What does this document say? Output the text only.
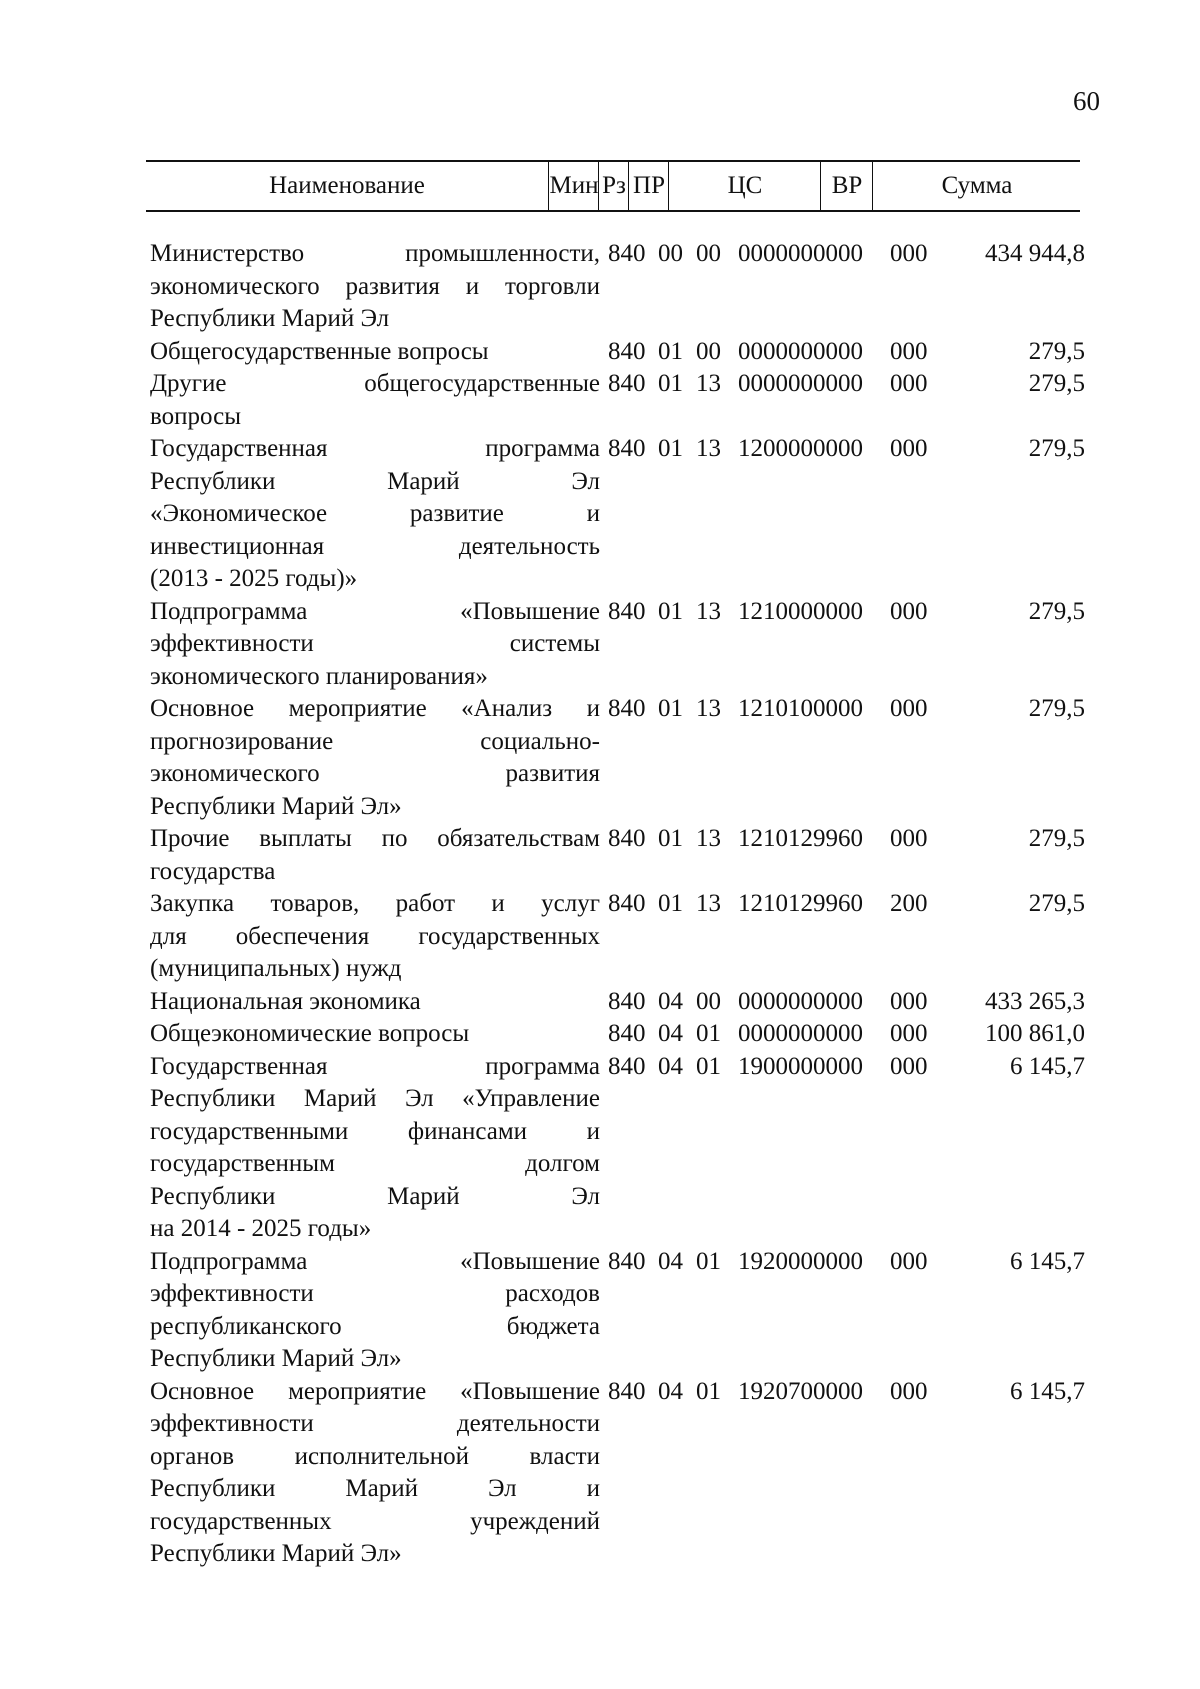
60
Наименование	Мин Рз ПР	ЦС	ВР	Сумма
Министерство промышленности,
экономического развития и торговли
Республики Марий Эл
840 00 00 0000000000 000	434 944,8
Общегосударственные вопросы	840 01 00 0000000000 000	279,5
Другие общегосударственные
вопросы
840 01 13 0000000000 000	279,5
Государственная программа
Республики Марий Эл
«Экономическое развитие и
инвестиционная деятельность
(2013 - 2025 годы)»
840 01 13 1200000000 000	279,5
Подпрограмма «Повышение
эффективности системы
экономического планирования»
840 01 13 1210000000 000	279,5
Основное мероприятие «Анализ и
прогнозирование социально-
экономического развития
Республики Марий Эл»
840 01 13 1210100000 000	279,5
Прочие выплаты по обязательствам
государства
840 01 13 1210129960 000	279,5
Закупка товаров, работ и услуг
для обеспечения государственных
(муниципальных) нужд
840 01 13 1210129960 200	279,5
Национальная экономика	840 04 00 0000000000 000	433 265,3
Общеэкономические вопросы	840 04 01 0000000000 000	100 861,0
Государственная программа
Республики Марий Эл «Управление
государственными финансами и
государственным долгом
Республики Марий Эл
на 2014 - 2025 годы»
840 04 01 1900000000 000	6 145,7
Подпрограмма «Повышение
эффективности расходов
республиканского бюджета
Республики Марий Эл»
840 04 01 1920000000 000	6 145,7
Основное мероприятие «Повышение
эффективности деятельности
органов исполнительной власти
Республики Марий Эл и
государственных учреждений
Республики Марий Эл»
840 04 01 1920700000 000	6 145,7
